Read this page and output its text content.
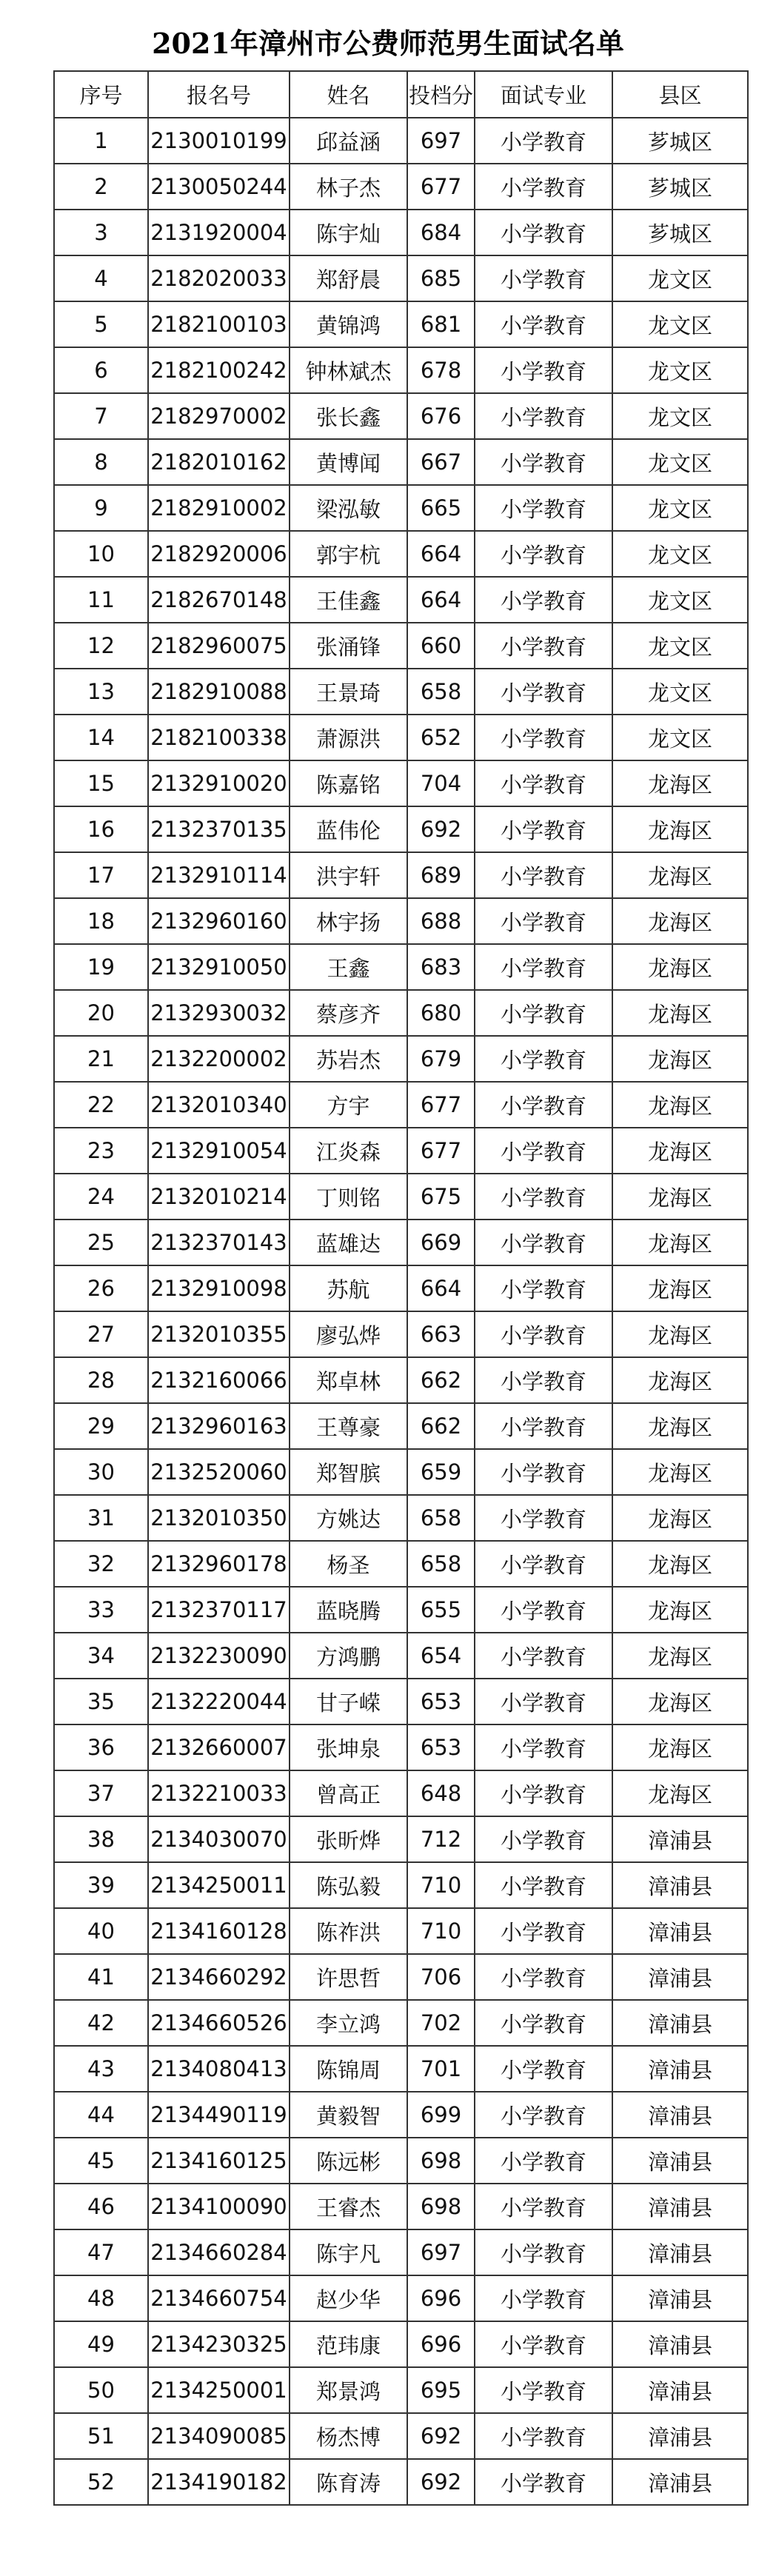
2021年漳州市公费师范男生面试名单
序号	报名号	姓名	投档分	面试专业	县区
1	2130010199	邱益涵	697	小学教育	芗城区
2	2130050244	林子杰	677	小学教育	芗城区
3	2131920004	陈宇灿	684	小学教育	芗城区
4	2182020033	郑舒晨	685	小学教育	龙文区
5	2182100103	黄锦鸿	681	小学教育	龙文区
6	2182100242	钟林斌杰	678	小学教育	龙文区
7	2182970002	张长鑫	676	小学教育	龙文区
8	2182010162	黄博闻	667	小学教育	龙文区
9	2182910002	梁泓敏	665	小学教育	龙文区
10	2182920006	郭宇杭	664	小学教育	龙文区
11	2182670148	王佳鑫	664	小学教育	龙文区
12	2182960075	张涌锋	660	小学教育	龙文区
13	2182910088	王景琦	658	小学教育	龙文区
14	2182100338	萧源洪	652	小学教育	龙文区
15	2132910020	陈嘉铭	704	小学教育	龙海区
16	2132370135	蓝伟伦	692	小学教育	龙海区
17	2132910114	洪宇轩	689	小学教育	龙海区
18	2132960160	林宇扬	688	小学教育	龙海区
19	2132910050	王鑫	683	小学教育	龙海区
20	2132930032	蔡彦齐	680	小学教育	龙海区
21	2132200002	苏岩杰	679	小学教育	龙海区
22	2132010340	方宇	677	小学教育	龙海区
23	2132910054	江炎森	677	小学教育	龙海区
24	2132010214	丁则铭	675	小学教育	龙海区
25	2132370143	蓝雄达	669	小学教育	龙海区
26	2132910098	苏航	664	小学教育	龙海区
27	2132010355	廖弘烨	663	小学教育	龙海区
28	2132160066	郑卓林	662	小学教育	龙海区
29	2132960163	王尊豪	662	小学教育	龙海区
30	2132520060	郑智膑	659	小学教育	龙海区
31	2132010350	方姚达	658	小学教育	龙海区
32	2132960178	杨圣	658	小学教育	龙海区
33	2132370117	蓝晓腾	655	小学教育	龙海区
34	2132230090	方鸿鹏	654	小学教育	龙海区
35	2132220044	甘子嵘	653	小学教育	龙海区
36	2132660007	张坤泉	653	小学教育	龙海区
37	2132210033	曾高正	648	小学教育	龙海区
38	2134030070	张昕烨	712	小学教育	漳浦县
39	2134250011	陈弘毅	710	小学教育	漳浦县
40	2134160128	陈祚洪	710	小学教育	漳浦县
41	2134660292	许思哲	706	小学教育	漳浦县
42	2134660526	李立鸿	702	小学教育	漳浦县
43	2134080413	陈锦周	701	小学教育	漳浦县
44	2134490119	黄毅智	699	小学教育	漳浦县
45	2134160125	陈远彬	698	小学教育	漳浦县
46	2134100090	王睿杰	698	小学教育	漳浦县
47	2134660284	陈宇凡	697	小学教育	漳浦县
48	2134660754	赵少华	696	小学教育	漳浦县
49	2134230325	范玮康	696	小学教育	漳浦县
50	2134250001	郑景鸿	695	小学教育	漳浦县
51	2134090085	杨杰博	692	小学教育	漳浦县
52	2134190182	陈育涛	692	小学教育	漳浦县
